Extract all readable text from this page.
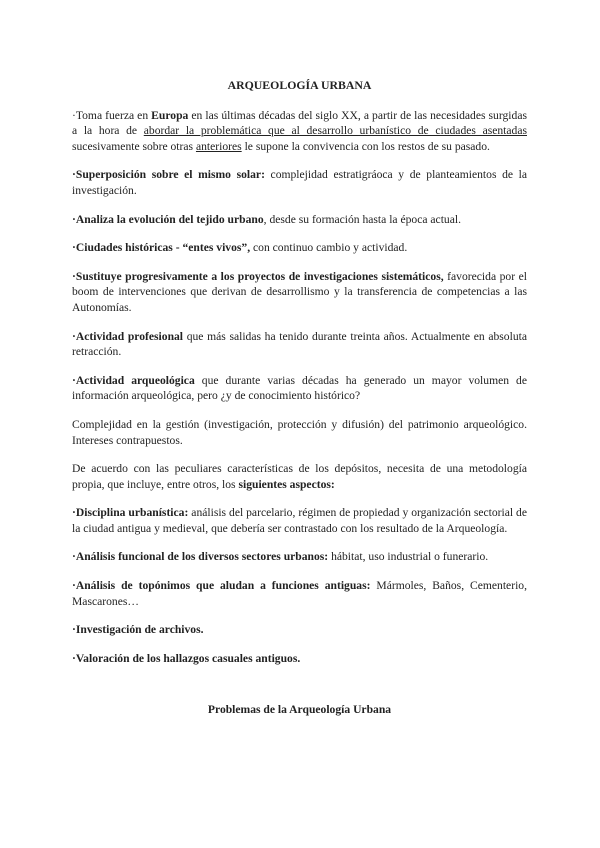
ARQUEOLOGÍA URBANA

·Toma fuerza en Europa en las últimas décadas del siglo XX, a partir de las necesidades surgidas a la hora de abordar la problemática que al desarrollo urbanístico de ciudades asentadas sucesivamente sobre otras anteriores le supone la convivencia con los restos de su pasado.

·Superposición sobre el mismo solar: complejidad estratigráoca y de planteamientos de la investigación.

·Analiza la evolución del tejido urbano, desde su formación hasta la época actual.

·Ciudades históricas - “entes vivos”, con continuo cambio y actividad.

·Sustituye progresivamente a los proyectos de investigaciones sistemáticos, favorecida por el boom de intervenciones que derivan de desarrollismo y la transferencia de competencias a las Autonomías.

·Actividad profesional que más salidas ha tenido durante treinta años. Actualmente en absoluta retracción.

·Actividad arqueológica que durante varias décadas ha generado un mayor volumen de información arqueológica, pero ¿y de conocimiento histórico?

Complejidad en la gestión (investigación, protección y difusión) del patrimonio arqueológico. Intereses contrapuestos.

De acuerdo con las peculiares características de los depósitos, necesita de una metodología propia, que incluye, entre otros, los siguientes aspectos:

·Disciplina urbanística: análisis del parcelario, régimen de propiedad y organización sectorial de la ciudad antigua y medieval, que debería ser contrastado con los resultado de la Arqueología.

·Análisis funcional de los diversos sectores urbanos: hábitat, uso industrial o funerario.

·Análisis de topónimos que aludan a funciones antiguas: Mármoles, Baños, Cementerio, Mascarones…

·Investigación de archivos.

·Valoración de los hallazgos casuales antiguos.

Problemas de la Arqueología Urbana
